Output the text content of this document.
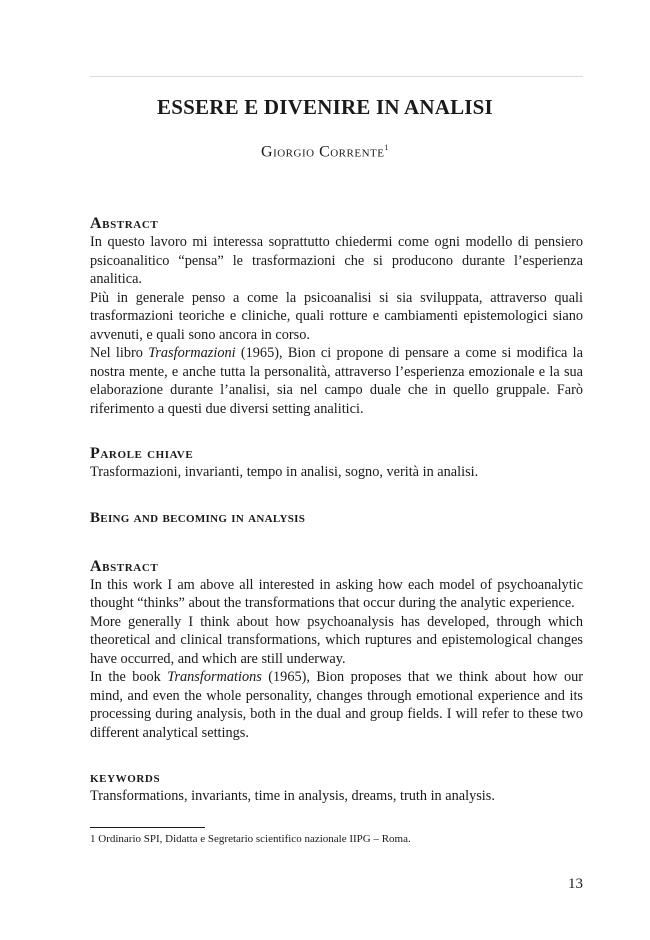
ESSERE E DIVENIRE IN ANALISI
Giorgio Corrente$^1$
Abstract

In questo lavoro mi interessa soprattutto chiedermi come ogni modello di pensiero psicoanalitico “pensa” le trasformazioni che si producono durante l’esperienza analitica.

Più in generale penso a come la psicoanalisi si sia sviluppata, attraverso quali trasformazioni teoriche e cliniche, quali rotture e cambiamenti epistemologici siano avvenuti, e quali sono ancora in corso.

Nel libro Trasformazioni (1965), Bion ci propone di pensare a come si modifica la nostra mente, e anche tutta la personalità, attraverso l’esperienza emozionale e la sua elaborazione durante l’analisi, sia nel campo duale che in quello gruppale. Farò riferimento a questi due diversi setting analitici.

Parole chiave

Trasformazioni, invarianti, tempo in analisi, sogno, verità in analisi.

Being and becoming in analysis
Abstract

In this work I am above all interested in asking how each model of psychoanalytic thought “thinks” about the transformations that occur during the analytic experience.

More generally I think about how psychoanalysis has developed, through which theoretical and clinical transformations, which ruptures and epistemological changes have occurred, and which are still underway.

In the book Transformations (1965), Bion proposes that we think about how our mind, and even the whole personality, changes through emotional experience and its processing during analysis, both in the dual and group fields. I will refer to these two different analytical settings.

keywords

Transformations, invariants, time in analysis, dreams, truth in analysis.

1 Ordinario SPI, Didatta e Segretario scientifico nazionale IIPG – Roma.
13
